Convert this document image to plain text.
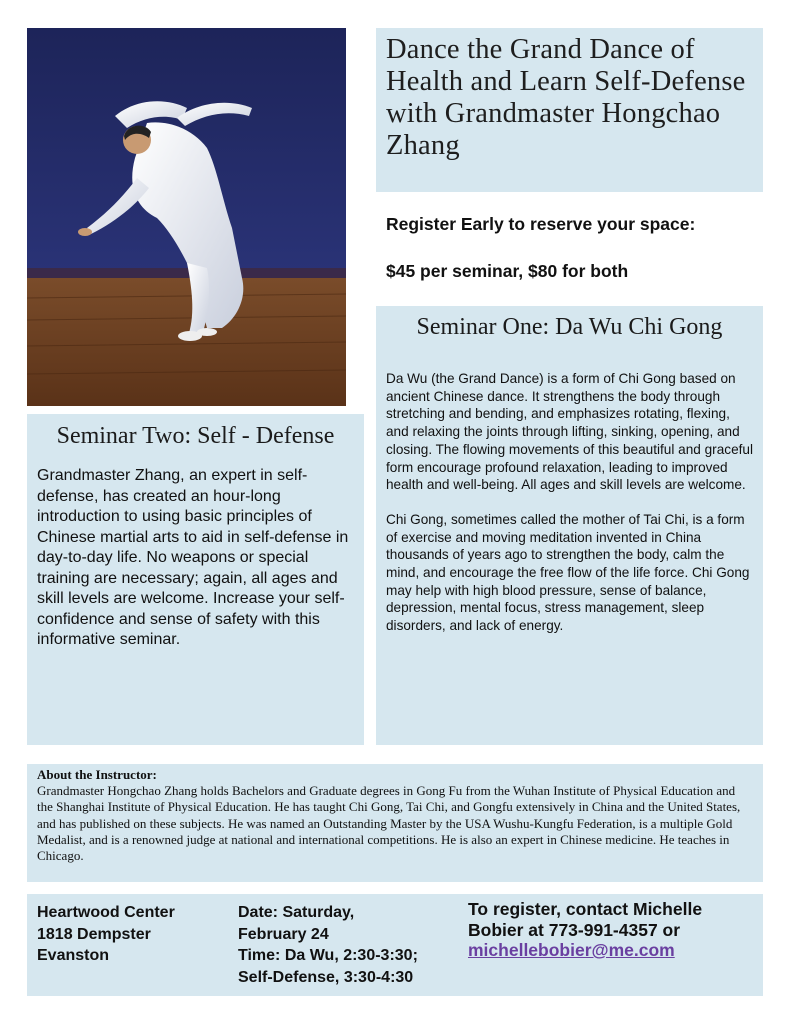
Dance the Grand Dance of Health and Learn Self-Defense with Grandmaster Hongchao Zhang
Register Early to reserve your space:
$45 per seminar, $80 for both
Seminar One: Da Wu Chi Gong

Da Wu (the Grand Dance) is a form of Chi Gong based on ancient Chinese dance. It strengthens the body through stretching and bending, and emphasizes rotating, flexing, and relaxing the joints through lifting, sinking, opening, and closing. The flowing movements of this beautiful and graceful form encourage profound relaxation, leading to improved health and well-being. All ages and skill levels are welcome.

Chi Gong, sometimes called the mother of Tai Chi, is a form of exercise and moving meditation invented in China thousands of years ago to strengthen the body, calm the mind, and encourage the free flow of the life force. Chi Gong may help with high blood pressure, sense of balance, depression, mental focus, stress management, sleep disorders, and lack of energy.

Seminar Two: Self - Defense

Grandmaster Zhang, an expert in self-defense, has created an hour-long introduction to using basic principles of Chinese martial arts to aid in self-defense in day-to-day life. No weapons or special training are necessary; again, all ages and skill levels are welcome. Increase your self-confidence and sense of safety with this informative seminar.

About the Instructor:
Grandmaster Hongchao Zhang holds Bachelors and Graduate degrees in Gong Fu from the Wuhan Institute of Physical Education and the Shanghai Institute of Physical Education. He has taught Chi Gong, Tai Chi, and Gongfu extensively in China and the United States, and has published on these subjects. He was named an Outstanding Master by the USA Wushu-Kungfu Federation, is a multiple Gold Medalist, and is a renowned judge at national and international competitions. He is also an expert in Chinese medicine. He teaches in Chicago.
Heartwood Center
1818 Dempster
Evanston
Date: Saturday,
February 24
Time: Da Wu, 2:30-3:30;
Self-Defense, 3:30-4:30
To register, contact Michelle Bobier at 773-991-4357 or michellebobier@me.com
